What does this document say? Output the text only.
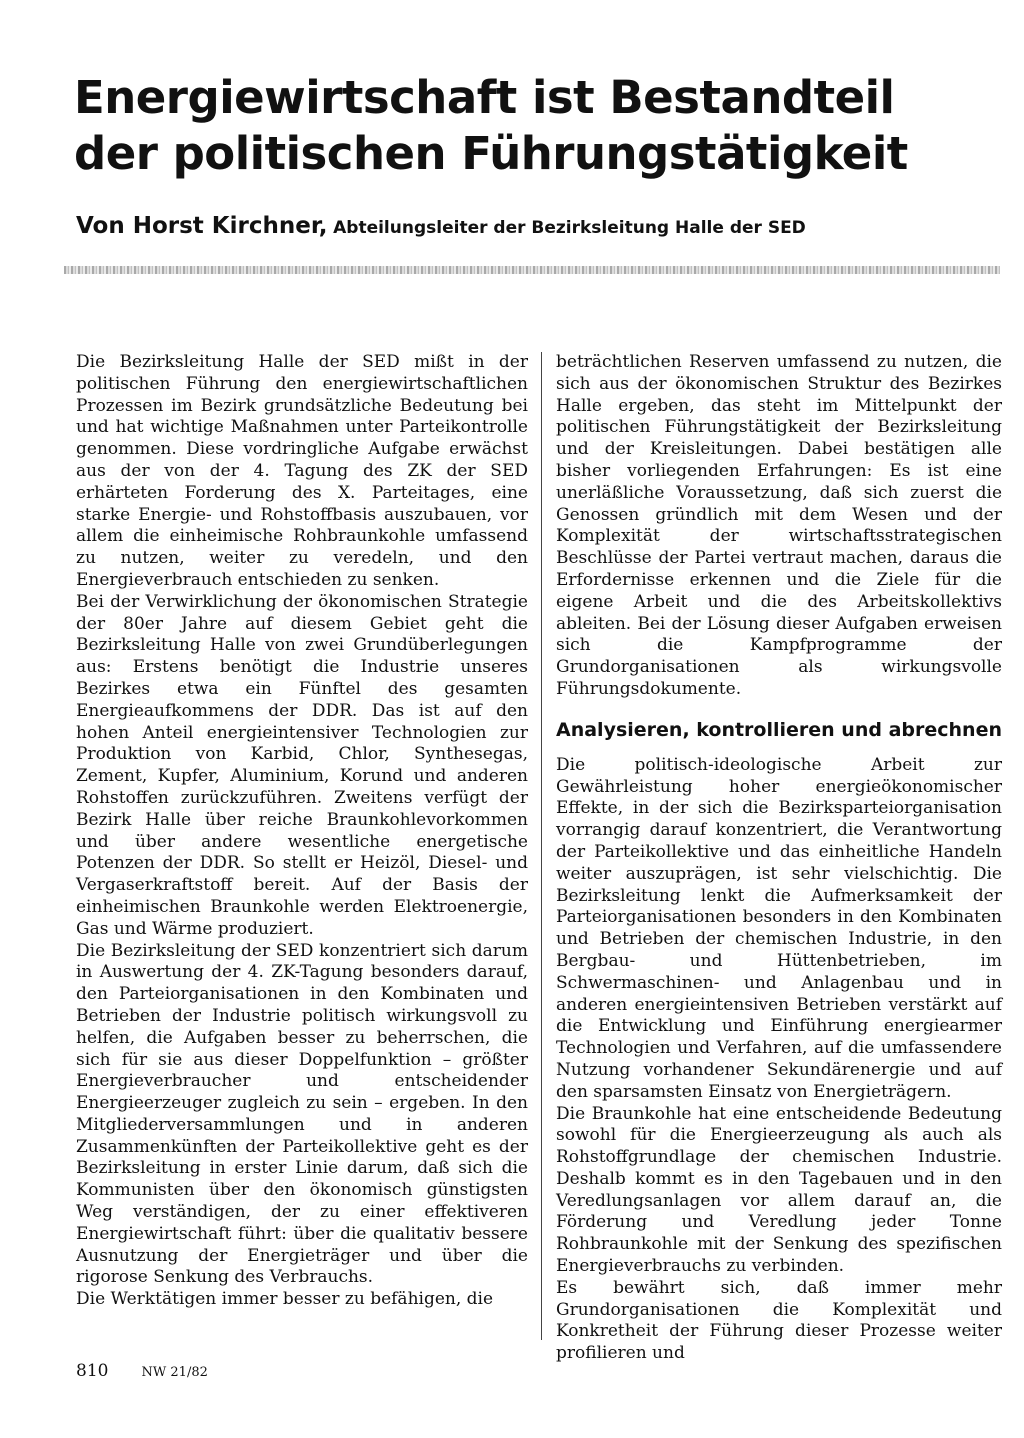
Energiewirtschaft ist Bestandteil
der politischen Führungstätigkeit
Von Horst Kirchner, Abteilungsleiter der Bezirksleitung Halle der SED

Die Bezirksleitung Halle der SED mißt in der politischen Führung den energiewirtschaftlichen Prozessen im Bezirk grundsätzliche Bedeutung bei und hat wichtige Maßnahmen unter Parteikontrolle genommen. Diese vordringliche Aufgabe erwächst aus der von der 4. Tagung des ZK der SED erhärteten Forderung des X. Parteitages, eine starke Energie- und Rohstoffbasis auszubauen, vor allem die einheimische Rohbraunkohle umfassend zu nutzen, weiter zu veredeln, und den Energieverbrauch entschieden zu senken.

Bei der Verwirklichung der ökonomischen Strategie der 80er Jahre auf diesem Gebiet geht die Bezirksleitung Halle von zwei Grundüberlegungen aus: Erstens benötigt die Industrie unseres Bezirkes etwa ein Fünftel des gesamten Energieaufkommens der DDR. Das ist auf den hohen Anteil energieintensiver Technologien zur Produktion von Karbid, Chlor, Synthesegas, Zement, Kupfer, Aluminium, Korund und anderen Rohstoffen zurückzuführen. Zweitens verfügt der Bezirk Halle über reiche Braunkohlevorkommen und über andere wesentliche energetische Potenzen der DDR. So stellt er Heizöl, Diesel- und Vergaserkraftstoff bereit. Auf der Basis der einheimischen Braunkohle werden Elektroenergie, Gas und Wärme produziert.

Die Bezirksleitung der SED konzentriert sich darum in Auswertung der 4. ZK-Tagung besonders darauf, den Parteiorganisationen in den Kombinaten und Betrieben der Industrie politisch wirkungsvoll zu helfen, die Aufgaben besser zu beherrschen, die sich für sie aus dieser Doppelfunktion – größter Energieverbraucher und entscheidender Energieerzeuger zugleich zu sein – ergeben. In den Mitgliederversammlungen und in anderen Zusammenkünften der Parteikollektive geht es der Bezirksleitung in erster Linie darum, daß sich die Kommunisten über den ökonomisch günstigsten Weg verständigen, der zu einer effektiveren Energiewirtschaft führt: über die qualitativ bessere Ausnutzung der Energieträger und über die rigorose Senkung des Verbrauchs.

Die Werktätigen immer besser zu befähigen, die

beträchtlichen Reserven umfassend zu nutzen, die sich aus der ökonomischen Struktur des Bezirkes Halle ergeben, das steht im Mittelpunkt der politischen Führungstätigkeit der Bezirksleitung und der Kreisleitungen. Dabei bestätigen alle bisher vorliegenden Erfahrungen: Es ist eine unerläßliche Voraussetzung, daß sich zuerst die Genossen gründlich mit dem Wesen und der Komplexität der wirtschaftsstrategischen Beschlüsse der Partei vertraut machen, daraus die Erfordernisse erkennen und die Ziele für die eigene Arbeit und die des Arbeitskollektivs ableiten. Bei der Lösung dieser Aufgaben erweisen sich die Kampfprogramme der Grundorganisationen als wirkungsvolle Führungsdokumente.

Analysieren, kontrollieren und abrechnen

Die politisch-ideologische Arbeit zur Gewährleistung hoher energieökonomischer Effekte, in der sich die Bezirksparteiorganisation vorrangig darauf konzentriert, die Verantwortung der Parteikollektive und das einheitliche Handeln weiter auszuprägen, ist sehr vielschichtig. Die Bezirksleitung lenkt die Aufmerksamkeit der Parteiorganisationen besonders in den Kombinaten und Betrieben der chemischen Industrie, in den Bergbau- und Hüttenbetrieben, im Schwermaschinen- und Anlagenbau und in anderen energieintensiven Betrieben verstärkt auf die Entwicklung und Einführung energiearmer Technologien und Verfahren, auf die umfassendere Nutzung vorhandener Sekundärenergie und auf den sparsamsten Einsatz von Energieträgern.

Die Braunkohle hat eine entscheidende Bedeutung sowohl für die Energieerzeugung als auch als Rohstoffgrundlage der chemischen Industrie. Deshalb kommt es in den Tagebauen und in den Veredlungsanlagen vor allem darauf an, die Förderung und Veredlung jeder Tonne Rohbraunkohle mit der Senkung des spezifischen Energieverbrauchs zu verbinden.

Es bewährt sich, daß immer mehr Grundorganisationen die Komplexität und Konkretheit der Führung dieser Prozesse weiter profilieren und

810	NW 21/82
